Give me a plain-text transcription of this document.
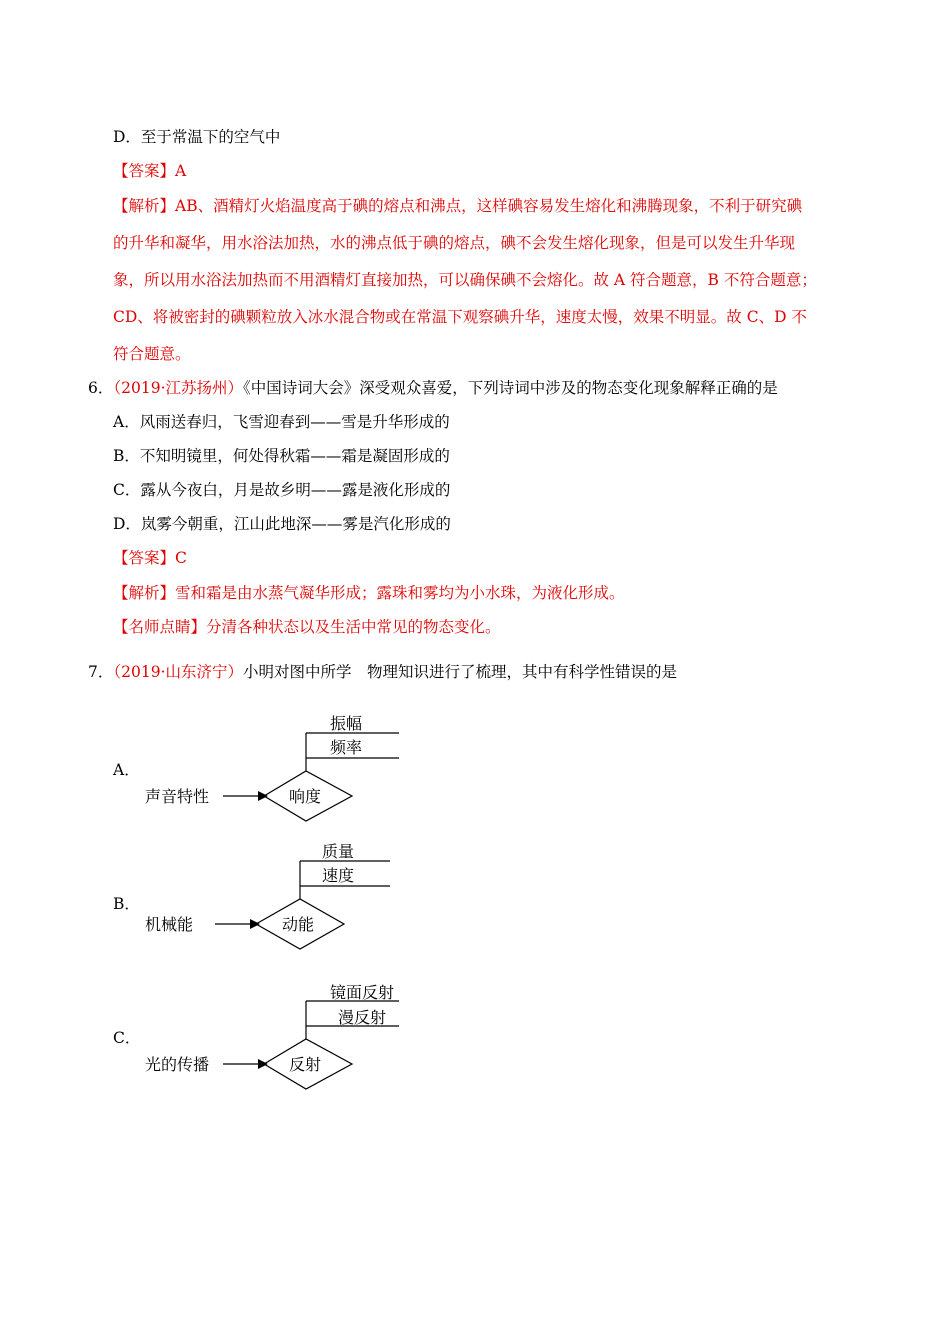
D．至于常温下的空气中
【答案】A
【解析】AB、酒精灯火焰温度高于碘的熔点和沸点，这样碘容易发生熔化和沸腾现象，不利于研究碘
的升华和凝华，用水浴法加热，水的沸点低于碘的熔点，碘不会发生熔化现象，但是可以发生升华现
象，所以用水浴法加热而不用酒精灯直接加热，可以确保碘不会熔化。故 A 符合题意，B 不符合题意；
CD、将被密封的碘颗粒放入冰水混合物或在常温下观察碘升华，速度太慢，效果不明显。故 C、D 不
符合题意。
6．（2019·江苏扬州）《中国诗词大会》深受观众喜爱，下列诗词中涉及的物态变化现象解释正确的是
A．风雨送春归，飞雪迎春到——雪是升华形成的
B．不知明镜里，何处得秋霜——霜是凝固形成的
C．露从今夜白，月是故乡明——露是液化形成的
D．岚雾今朝重，江山此地深——雾是汽化形成的
【答案】C
【解析】雪和霜是由水蒸气凝华形成；露珠和雾均为小水珠，为液化形成。
【名师点睛】分清各种状态以及生活中常见的物态变化。
7．（2019·山东济宁）小明对图中所学　物理知识进行了梳理，其中有科学性错误的是
A．
声音特性	响度
振幅
频率
B．
机械能	动能
质量
速度
C．
光的传播	反射
镜面反射
漫反射
